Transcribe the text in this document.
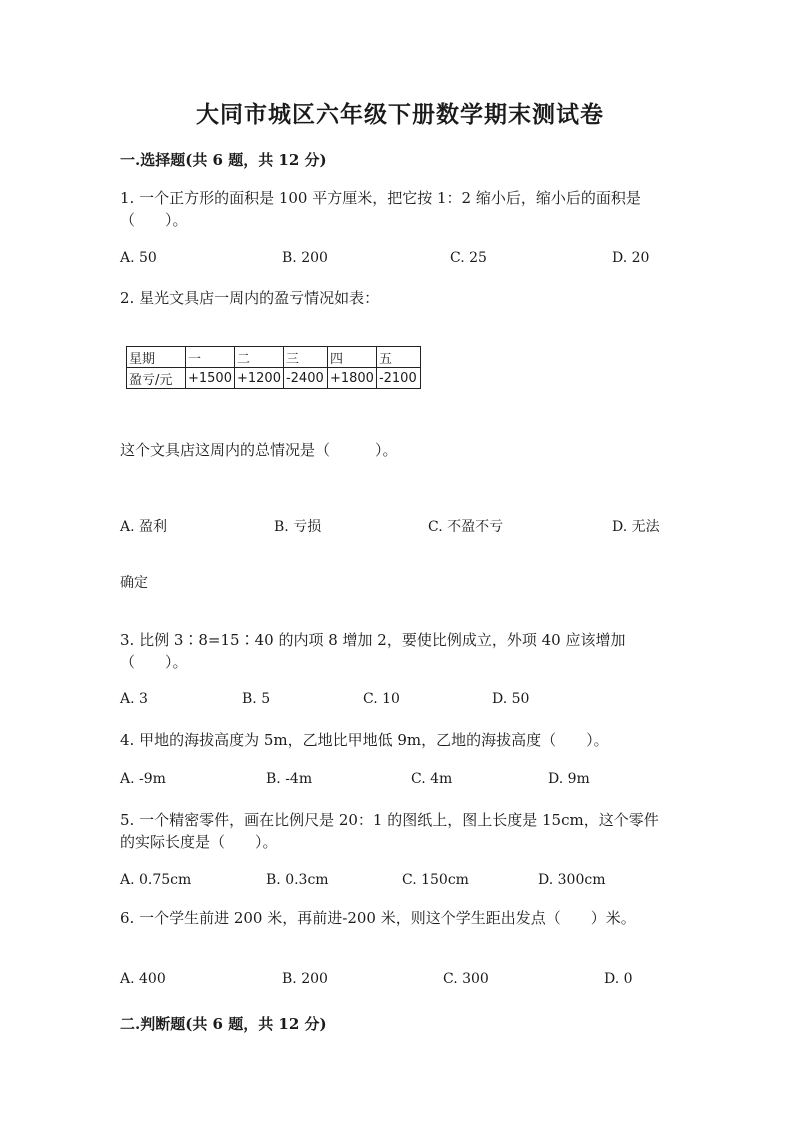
大同市城区六年级下册数学期末测试卷
一.选择题(共 6 题，共 12 分)
1. 一个正方形的面积是 100 平方厘米，把它按 1：2 缩小后，缩小后的面积是
（　　）。
A. 50	B. 200	C. 25	D. 20
2. 星光文具店一周内的盈亏情况如表：
星期	一	二	三	四	五
盈亏/元	+1500	+1200	-2400	+1800	-2100
这个文具店这周内的总情况是（　　　）。
A. 盈利	B. 亏损	C. 不盈不亏	D. 无法
确定
3. 比例 3∶8=15∶40 的内项 8 增加 2，要使比例成立，外项 40 应该增加
（　　）。
A. 3	B. 5	C. 10	D. 50
4. 甲地的海拔高度为 5m，乙地比甲地低 9m，乙地的海拔高度（　　）。
A. -9m	B. -4m	C. 4m	D. 9m
5. 一个精密零件，画在比例尺是 20：1 的图纸上，图上长度是 15cm，这个零件
的实际长度是（　　）。
A. 0.75cm	B. 0.3cm	C. 150cm	D. 300cm
6. 一个学生前进 200 米，再前进-200 米，则这个学生距出发点（　　）米。
A. 400	B. 200	C. 300	D. 0
二.判断题(共 6 题，共 12 分)
